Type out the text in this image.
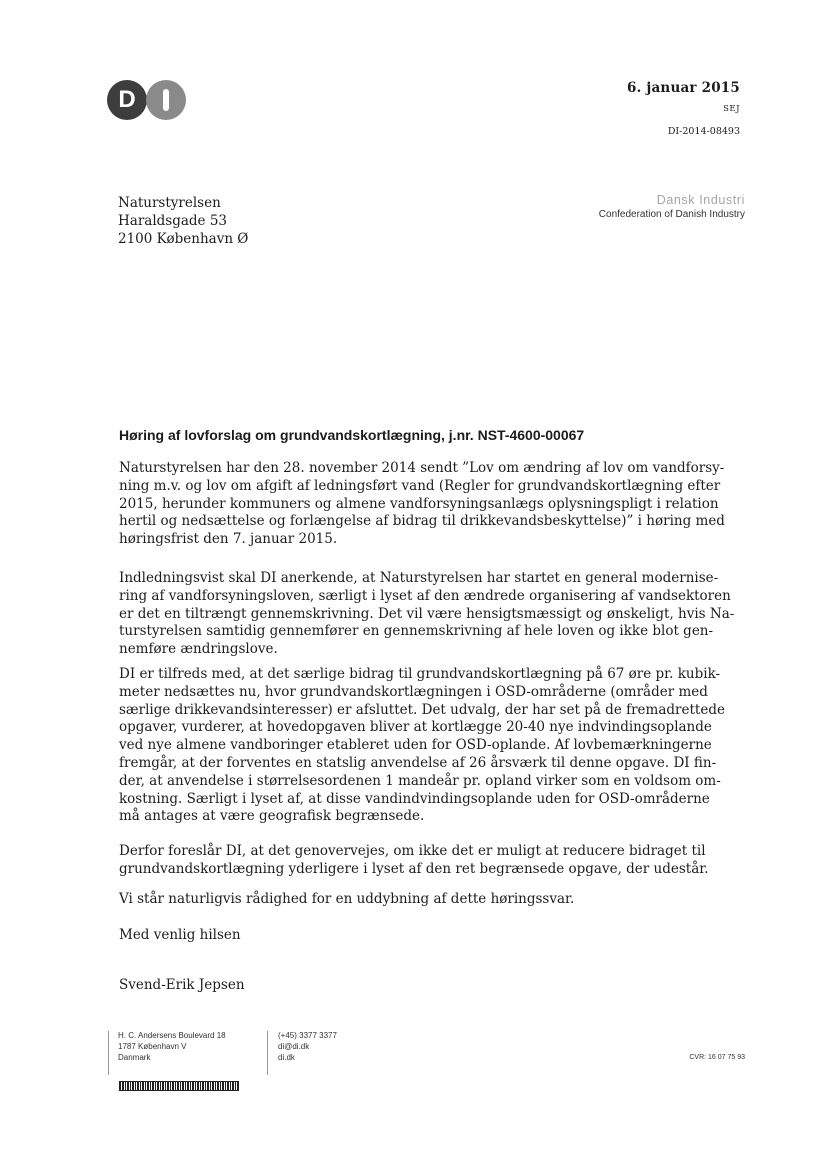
D	6. januar 2015
SEJ
DI-2014-08493
Naturstyrelsen
Haraldsgade 53
2100 København Ø
Dansk Industri
Confederation of Danish Industry
Høring af lovforslag om grundvandskortlægning, j.nr. NST-4600-00067

Naturstyrelsen har den 28. november 2014 sendt ”Lov om ændring af lov om vandforsy-
ning m.v. og lov om afgift af ledningsført vand (Regler for grundvandskortlægning efter
2015, herunder kommuners og almene vandforsyningsanlægs oplysningspligt i relation
hertil og nedsættelse og forlængelse af bidrag til drikkevandsbeskyttelse)” i høring med
høringsfrist den 7. januar 2015.

Indledningsvist skal DI anerkende, at Naturstyrelsen har startet en general modernise-
ring af vandforsyningsloven, særligt i lyset af den ændrede organisering af vandsektoren
er det en tiltrængt gennemskrivning. Det vil være hensigtsmæssigt og ønskeligt, hvis Na-
turstyrelsen samtidig gennemfører en gennemskrivning af hele loven og ikke blot gen-
nemføre ændringslove.

DI er tilfreds med, at det særlige bidrag til grundvandskortlægning på 67 øre pr. kubik-
meter nedsættes nu, hvor grundvandskortlægningen i OSD-områderne (områder med
særlige drikkevandsinteresser) er afsluttet. Det udvalg, der har set på de fremadrettede
opgaver, vurderer, at hovedopgaven bliver at kortlægge 20-40 nye indvindingsoplande
ved nye almene vandboringer etableret uden for OSD-oplande. Af lovbemærkningerne
fremgår, at der forventes en statslig anvendelse af 26 årsværk til denne opgave. DI fin-
der, at anvendelse i størrelsesordenen 1 mandeår pr. opland virker som en voldsom om-
kostning. Særligt i lyset af, at disse vandindvindingsoplande uden for OSD-områderne
må antages at være geografisk begrænsede.

Derfor foreslår DI, at det genovervejes, om ikke det er muligt at reducere bidraget til
grundvandskortlægning yderligere i lyset af den ret begrænsede opgave, der udestår.

Vi står naturligvis rådighed for en uddybning af dette høringssvar.

Med venlig hilsen

Svend-Erik Jepsen

H. C. Andersens Boulevard 18
1787 København V
Danmark
(+45) 3377 3377
di@di.dk
di.dk	CVR: 16 07 75 93
